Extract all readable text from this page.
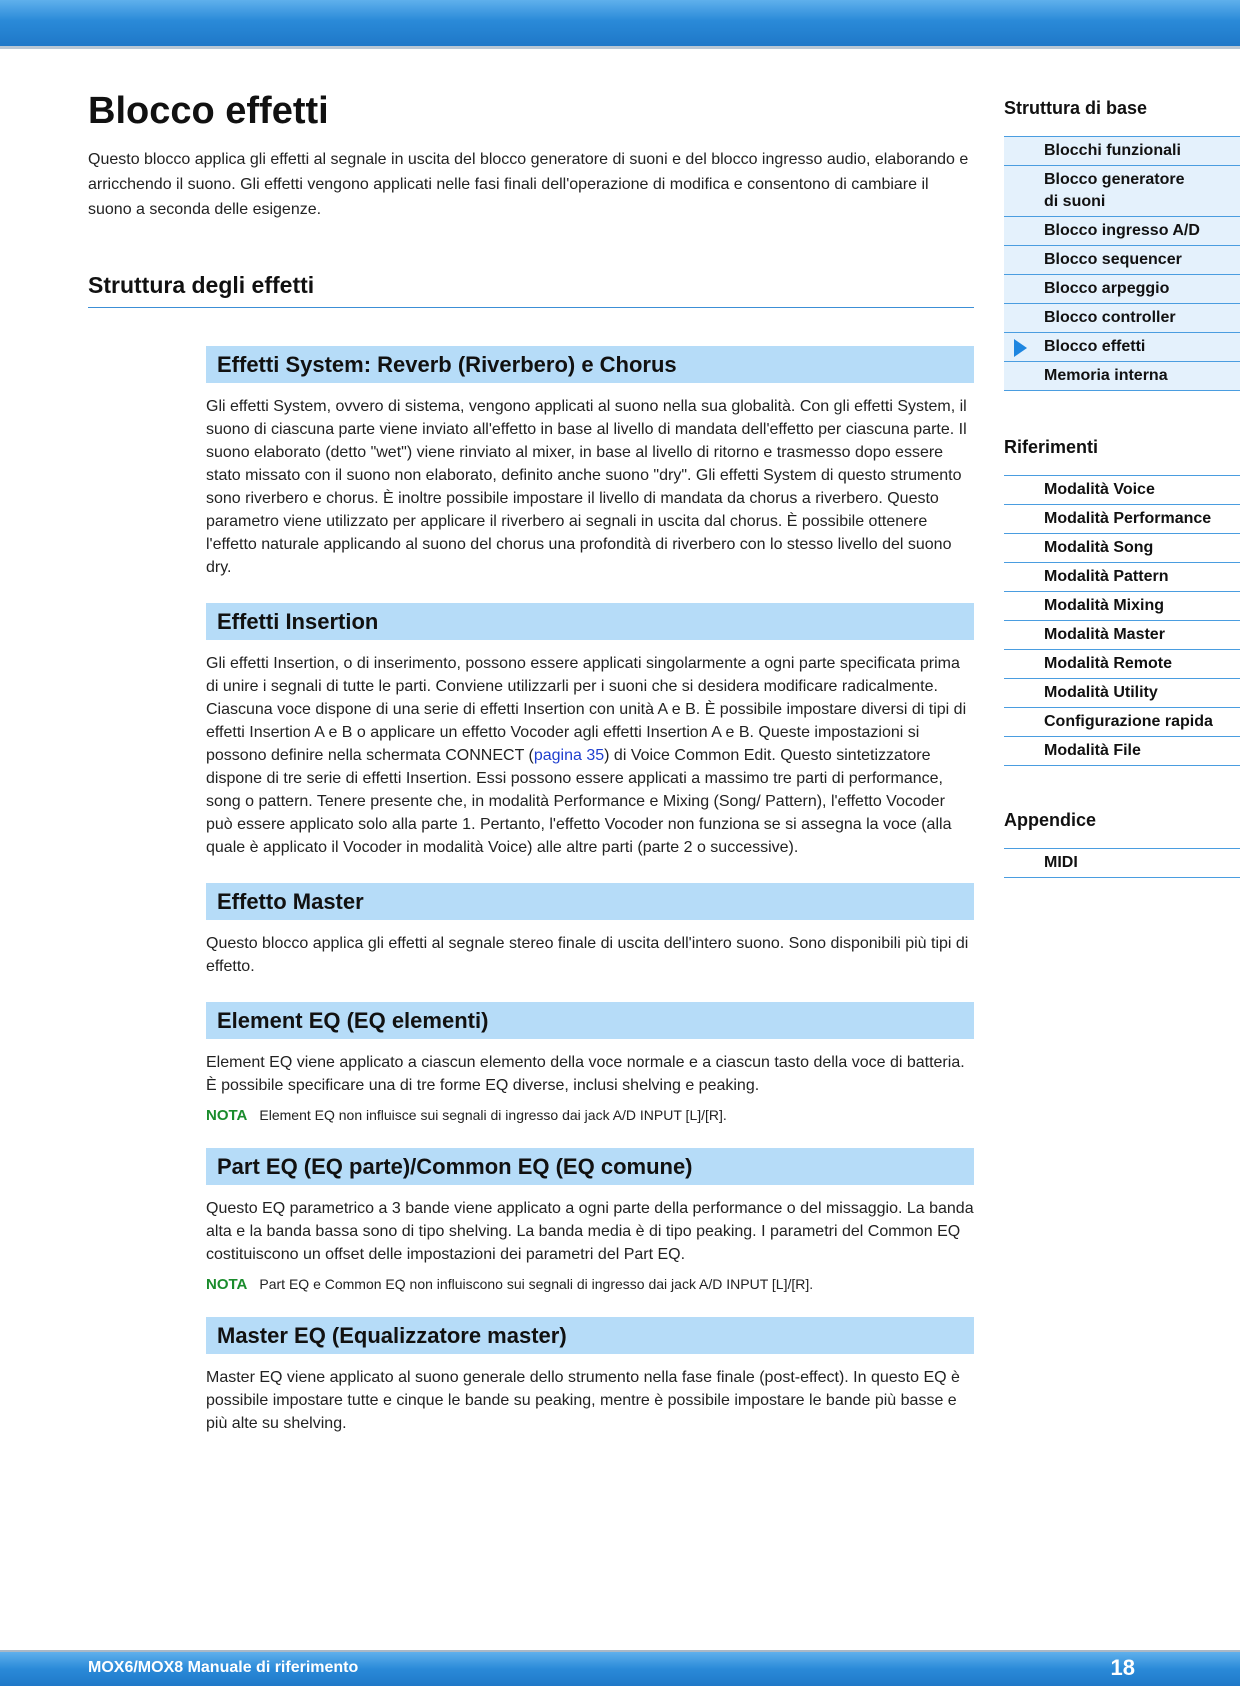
Blocco effetti

Questo blocco applica gli effetti al segnale in uscita del blocco generatore di suoni e del blocco ingresso audio, elaborando e arricchendo il suono. Gli effetti vengono applicati nelle fasi finali dell'operazione di modifica e consentono di cambiare il suono a seconda delle esigenze.

Struttura degli effetti
Effetti System: Reverb (Riverbero) e Chorus

Gli effetti System, ovvero di sistema, vengono applicati al suono nella sua globalità. Con gli effetti System, il suono di ciascuna parte viene inviato all'effetto in base al livello di mandata dell'effetto per ciascuna parte. Il suono elaborato (detto "wet") viene rinviato al mixer, in base al livello di ritorno e trasmesso dopo essere stato missato con il suono non elaborato, definito anche suono "dry". Gli effetti System di questo strumento sono riverbero e chorus. È inoltre possibile impostare il livello di mandata da chorus a riverbero. Questo parametro viene utilizzato per applicare il riverbero ai segnali in uscita dal chorus. È possibile ottenere l'effetto naturale applicando al suono del chorus una profondità di riverbero con lo stesso livello del suono dry.

Effetti Insertion

Gli effetti Insertion, o di inserimento, possono essere applicati singolarmente a ogni parte specificata prima di unire i segnali di tutte le parti. Conviene utilizzarli per i suoni che si desidera modificare radicalmente. Ciascuna voce dispone di una serie di effetti Insertion con unità A e B. È possibile impostare diversi di tipi di effetti Insertion A e B o applicare un effetto Vocoder agli effetti Insertion A e B. Queste impostazioni si possono definire nella schermata CONNECT (pagina 35) di Voice Common Edit. Questo sintetizzatore dispone di tre serie di effetti Insertion. Essi possono essere applicati a massimo tre parti di performance, song o pattern. Tenere presente che, in modalità Performance e Mixing (Song/ Pattern), l'effetto Vocoder può essere applicato solo alla parte 1. Pertanto, l'effetto Vocoder non funziona se si assegna la voce (alla quale è applicato il Vocoder in modalità Voice) alle altre parti (parte 2 o successive).

Effetto Master

Questo blocco applica gli effetti al segnale stereo finale di uscita dell'intero suono. Sono disponibili più tipi di effetto.

Element EQ (EQ elementi)

Element EQ viene applicato a ciascun elemento della voce normale e a ciascun tasto della voce di batteria. È possibile specificare una di tre forme EQ diverse, inclusi shelving e peaking.

NOTA Element EQ non influisce sui segnali di ingresso dai jack A/D INPUT [L]/[R].
Part EQ (EQ parte)/Common EQ (EQ comune)

Questo EQ parametrico a 3 bande viene applicato a ogni parte della performance o del missaggio. La banda alta e la banda bassa sono di tipo shelving. La banda media è di tipo peaking. I parametri del Common EQ costituiscono un offset delle impostazioni dei parametri del Part EQ.

NOTA Part EQ e Common EQ non influiscono sui segnali di ingresso dai jack A/D INPUT [L]/[R].
Master EQ (Equalizzatore master)

Master EQ viene applicato al suono generale dello strumento nella fase finale (post-effect). In questo EQ è possibile impostare tutte e cinque le bande su peaking, mentre è possibile impostare le bande più basse e più alte su shelving.

Struttura di base
Blocchi funzionali
Blocco generatore di suoni
Blocco ingresso A/D
Blocco sequencer
Blocco arpeggio
Blocco controller
Blocco effetti
Memoria interna
Riferimenti
Modalità Voice
Modalità Performance
Modalità Song
Modalità Pattern
Modalità Mixing
Modalità Master
Modalità Remote
Modalità Utility
Configurazione rapida
Modalità File
Appendice
MIDI
MOX6/MOX8 Manuale di riferimento	18
